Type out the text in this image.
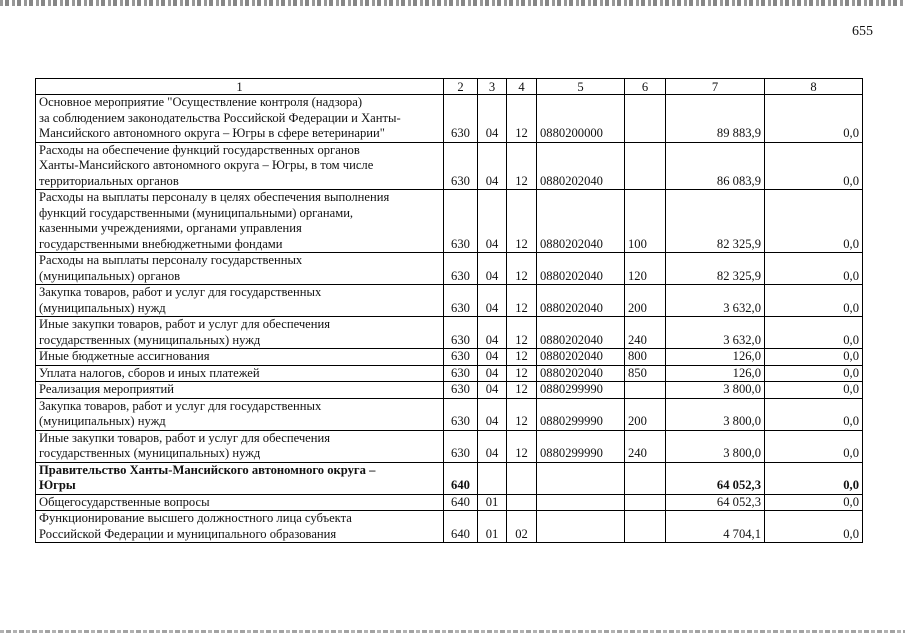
655
1	2	3	4	5	6	7	8
Основное мероприятие "Осуществление контроля (надзора)
за соблюдением законодательства Российской Федерации и Ханты-
Мансийского автономного округа – Югры в сфере ветеринарии"	630	04	12	0880200000		89 883,9	0,0
Расходы на обеспечение функций государственных органов
Ханты-Мансийского автономного округа – Югры, в том числе
территориальных органов	630	04	12	0880202040		86 083,9	0,0
Расходы на выплаты персоналу в целях обеспечения выполнения
функций государственными (муниципальными) органами,
казенными учреждениями, органами управления
государственными внебюджетными фондами	630	04	12	0880202040	100	82 325,9	0,0
Расходы на выплаты персоналу государственных
(муниципальных) органов	630	04	12	0880202040	120	82 325,9	0,0
Закупка товаров, работ и услуг для государственных
(муниципальных) нужд	630	04	12	0880202040	200	3 632,0	0,0
Иные закупки товаров, работ и услуг для обеспечения
государственных (муниципальных) нужд	630	04	12	0880202040	240	3 632,0	0,0
Иные бюджетные ассигнования	630	04	12	0880202040	800	126,0	0,0
Уплата налогов, сборов и иных платежей	630	04	12	0880202040	850	126,0	0,0
Реализация мероприятий	630	04	12	0880299990		3 800,0	0,0
Закупка товаров, работ и услуг для государственных
(муниципальных) нужд	630	04	12	0880299990	200	3 800,0	0,0
Иные закупки товаров, работ и услуг для обеспечения
государственных (муниципальных) нужд	630	04	12	0880299990	240	3 800,0	0,0
Правительство Ханты-Мансийского автономного округа –
Югры	640					64 052,3	0,0
Общегосударственные вопросы	640	01				64 052,3	0,0
Функционирование высшего должностного лица субъекта
Российской Федерации и муниципального образования	640	01	02			4 704,1	0,0
